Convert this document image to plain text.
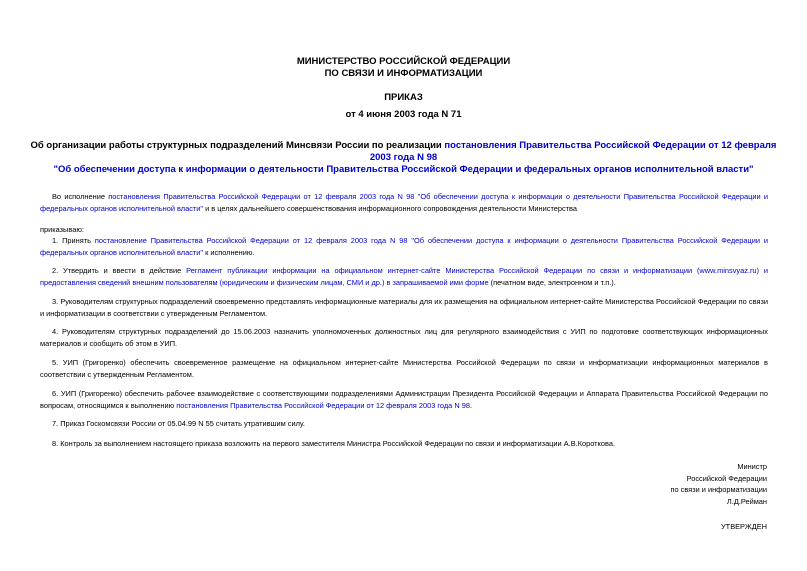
МИНИСТЕРСТВО РОССИЙСКОЙ ФЕДЕРАЦИИ
ПО СВЯЗИ И ИНФОРМАТИЗАЦИИ
ПРИКАЗ
от 4 июня 2003 года N 71
Об организации работы структурных подразделений Минсвязи России по реализации постановления Правительства Российской Федерации от 12 февраля 2003 года N 98
"Об обеспечении доступа к информации о деятельности Правительства Российской Федерации и федеральных органов исполнительной власти"
Во исполнение постановления Правительства Российской Федерации от 12 февраля 2003 года N 98 "Об обеспечении доступа к информации о деятельности Правительства Российской Федерации и федеральных органов исполнительной власти" и в целях дальнейшего совершенствования информационного сопровождения деятельности Министерства
приказываю:
1. Принять постановление Правительства Российской Федерации от 12 февраля 2003 года N 98 "Об обеспечении доступа к информации о деятельности Правительства Российской Федерации и федеральных органов исполнительной власти" к исполнению.
2. Утвердить и ввести в действие Регламент публикации информации на официальном интернет-сайте Министерства Российской Федерации по связи и информатизации (www.minsvyaz.ru) и предоставления сведений внешним пользователям (юридическим и физическим лицам, СМИ и др.) в запрашиваемой ими форме (печатном виде, электронном и т.п.).
3. Руководителям структурных подразделений своевременно представлять информационные материалы для их размещения на официальном интернет-сайте Министерства Российской Федерации по связи и информатизации в соответствии с утвержденным Регламентом.
4. Руководителям структурных подразделений до 15.06.2003 назначить уполномоченных должностных лиц для регулярного взаимодействия с УИП по подготовке соответствующих информационных материалов и сообщить об этом в УИП.
5. УИП (Григоренко) обеспечить своевременное размещение на официальном интернет-сайте Министерства Российской Федерации по связи и информатизации информационных материалов в соответствии с утвержденным Регламентом.
6. УИП (Григоренко) обеспечить рабочее взаимодействие с соответствующими подразделениями Администрации Президента Российской Федерации и Аппарата Правительства Российской Федерации по вопросам, относящимся к выполнению постановления Правительства Российской Федерации от 12 февраля 2003 года N 98.
7. Приказ Госкомсвязи России от 05.04.99 N 55 считать утратившим силу.
8. Контроль за выполнением настоящего приказа возложить на первого заместителя Министра Российской Федерации по связи и информатизации А.В.Короткова.
Министр
Российской Федерации
по связи и информатизации
Л.Д.Рейман
УТВЕРЖДЕН
